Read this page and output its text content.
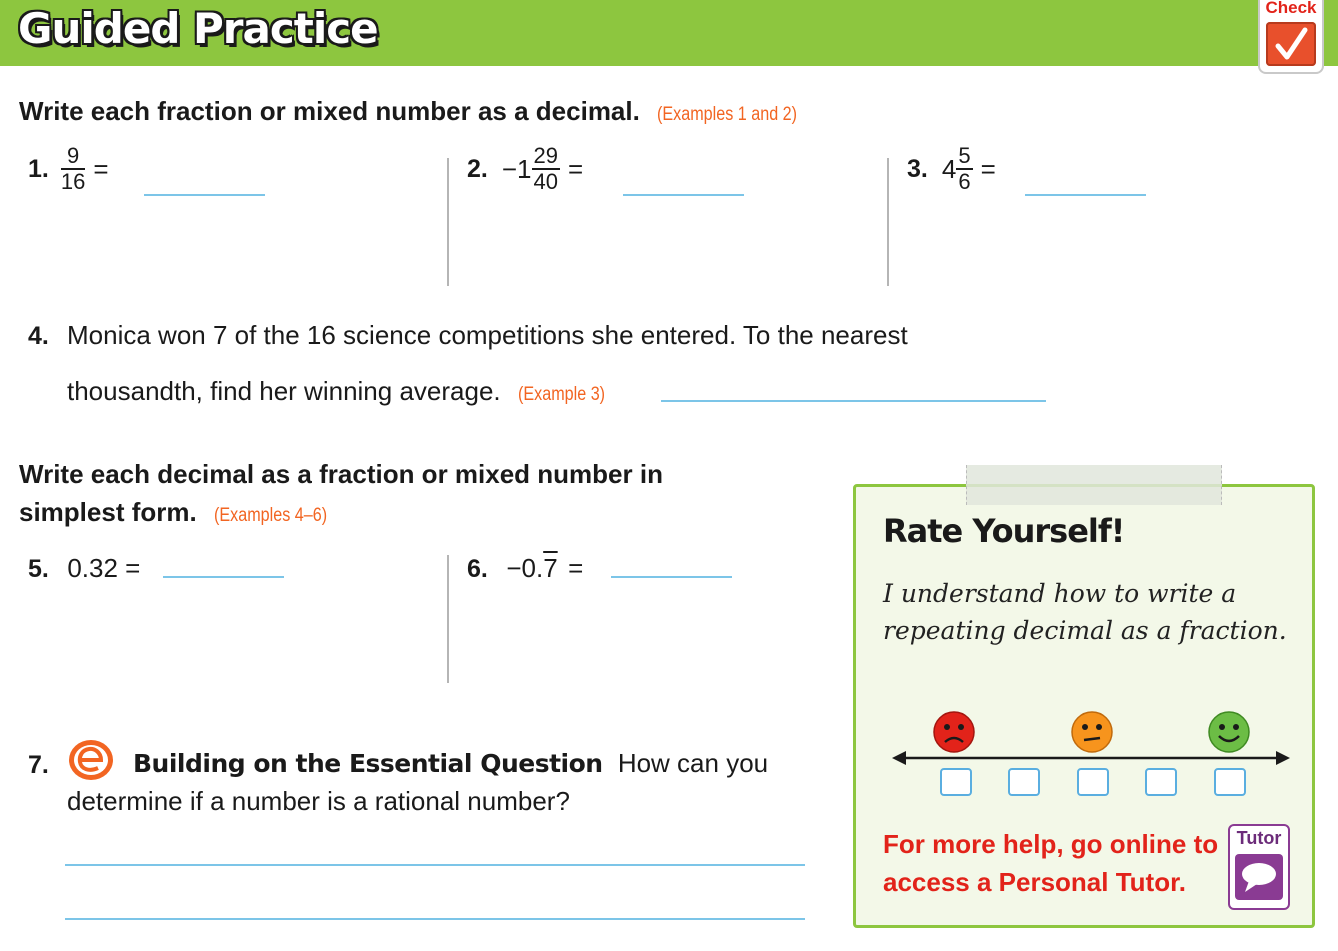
Guided Practice	Check
Write each fraction or mixed number as a decimal. (Examples 1 and 2)
1. $\frac{9}{16}$ =	2. $-1 \frac{29}{40}$ =	3. $4 \frac{5}{6}$ =
4. Monica won 7 of the 16 science competitions she entered. To the nearest
thousandth, find her winning average. (Example 3)
Write each decimal as a fraction or mixed number in
simplest form. (Examples 4–6)
5. 0.32 =	6. −0.7 =
7.	Building on the Essential Question How can you
determine if a number is a rational number?
Rate Yourself!
I understand how to write a repeating decimal as a fraction.
For more help, go online to access a Personal Tutor.
Tutor
